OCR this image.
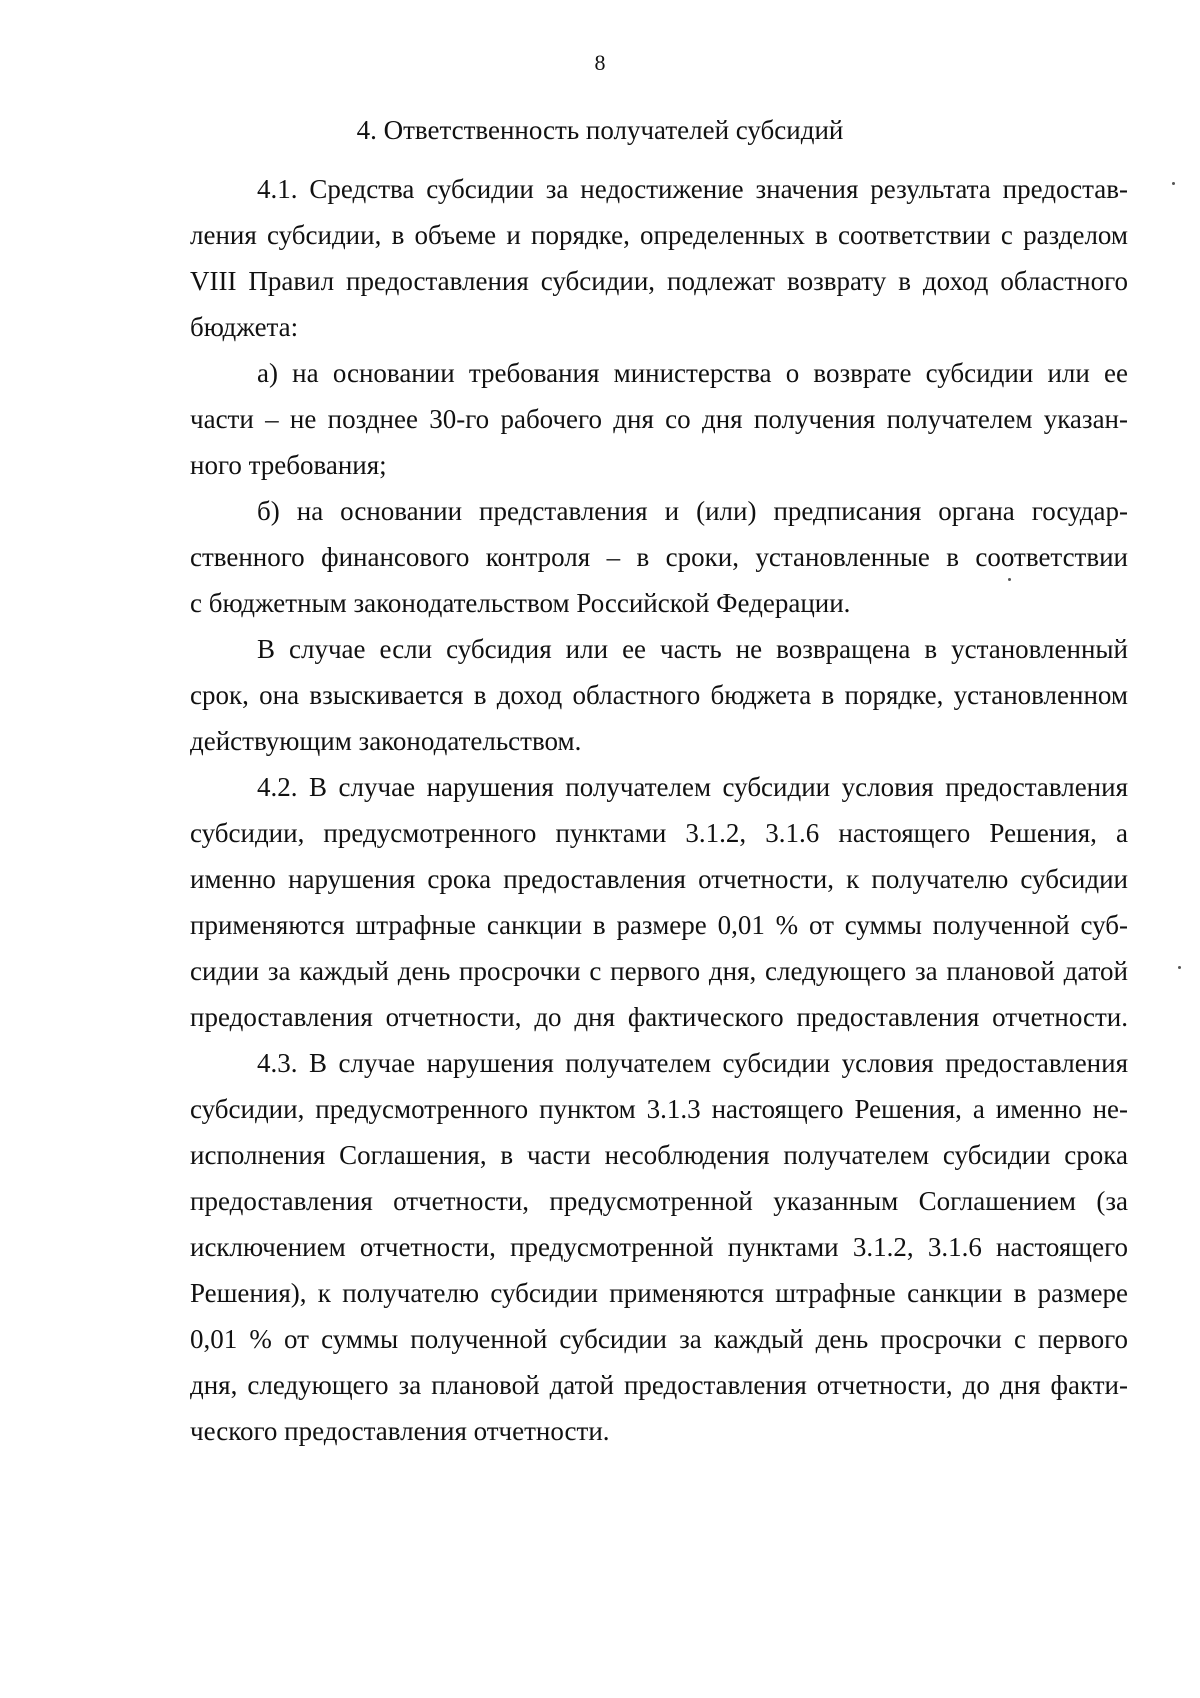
8
4. Ответственность получателей субсидий
4.1. Средства субсидии за недостижение значения результата предостав-
ления субсидии, в объеме и порядке, определенных в соответствии с разделом
VIII Правил предоставления субсидии, подлежат возврату в доход областного
бюджета:
а) на основании требования министерства о возврате субсидии или ее
части – не позднее 30-го рабочего дня со дня получения получателем указан-
ного требования;
б) на основании представления и (или) предписания органа государ-
ственного финансового контроля – в сроки, установленные в соответствии
с бюджетным законодательством Российской Федерации.
В случае если субсидия или ее часть не возвращена в установленный
срок, она взыскивается в доход областного бюджета в порядке, установленном
действующим законодательством.
4.2. В случае нарушения получателем субсидии условия предоставления
субсидии, предусмотренного пунктами 3.1.2, 3.1.6 настоящего Решения, а
именно нарушения срока предоставления отчетности, к получателю субсидии
применяются штрафные санкции в размере 0,01 % от суммы полученной суб-
сидии за каждый день просрочки с первого дня, следующего за плановой датой
предоставления отчетности, до дня фактического предоставления отчетности.
4.3. В случае нарушения получателем субсидии условия предоставления
субсидии, предусмотренного пунктом 3.1.3 настоящего Решения, а именно не-
исполнения Соглашения, в части несоблюдения получателем субсидии срока
предоставления отчетности, предусмотренной указанным Соглашением (за
исключением отчетности, предусмотренной пунктами 3.1.2, 3.1.6 настоящего
Решения), к получателю субсидии применяются штрафные санкции в размере
0,01 % от суммы полученной субсидии за каждый день просрочки с первого
дня, следующего за плановой датой предоставления отчетности, до дня факти-
ческого предоставления отчетности.
